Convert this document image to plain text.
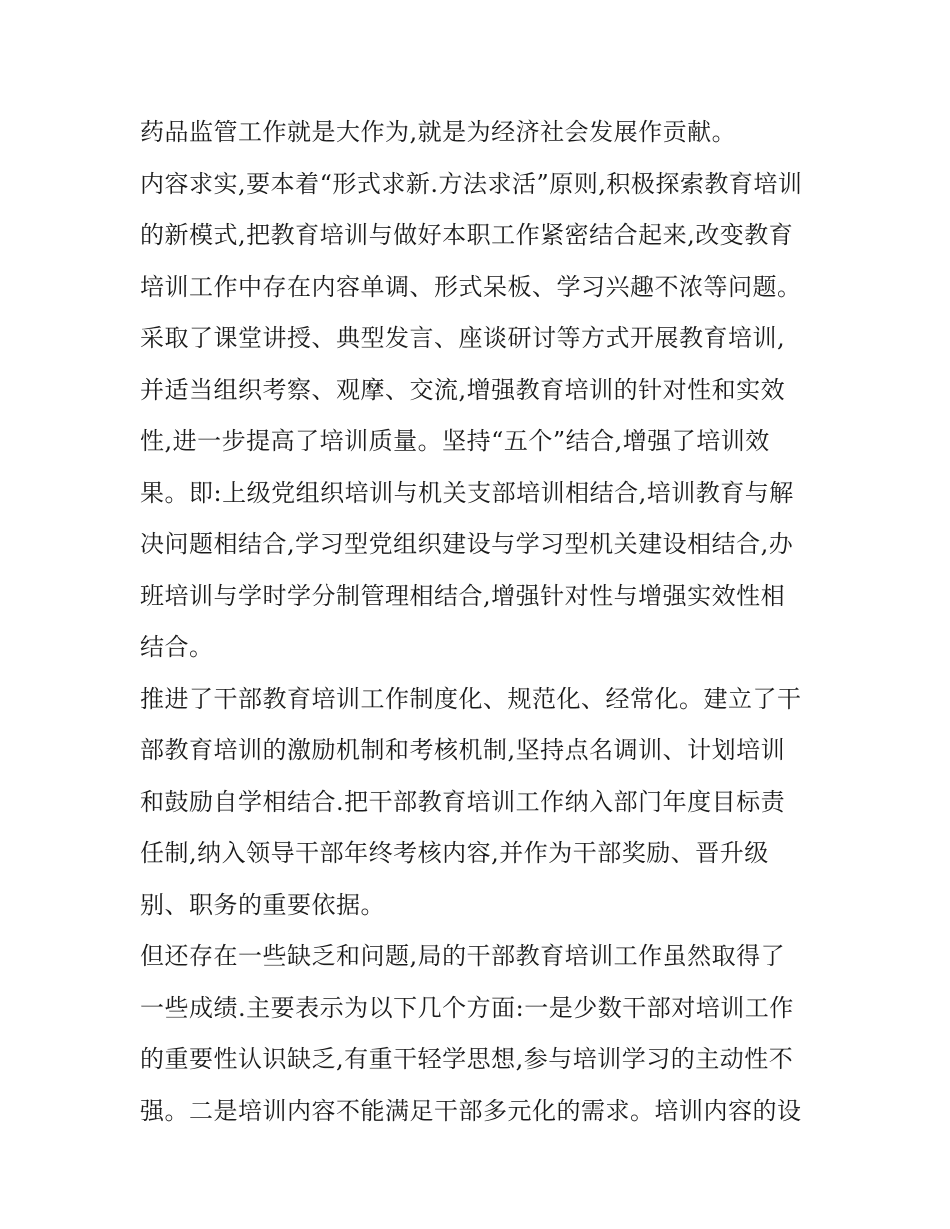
药品监管工作就是大作为,就是为经济社会发展作贡献。
内容求实,要本着“形式求新.方法求活”原则,积极探索教育培训
的新模式,把教育培训与做好本职工作紧密结合起来,改变教育
培训工作中存在内容单调、形式呆板、学习兴趣不浓等问题。
采取了课堂讲授、典型发言、座谈研讨等方式开展教育培训,
并适当组织考察、观摩、交流,增强教育培训的针对性和实效
性,进一步提高了培训质量。坚持“五个”结合,增强了培训效
果。即:上级党组织培训与机关支部培训相结合,培训教育与解
决问题相结合,学习型党组织建设与学习型机关建设相结合,办
班培训与学时学分制管理相结合,增强针对性与增强实效性相
结合。
推进了干部教育培训工作制度化、规范化、经常化。建立了干
部教育培训的激励机制和考核机制,坚持点名调训、计划培训
和鼓励自学相结合.把干部教育培训工作纳入部门年度目标责
任制,纳入领导干部年终考核内容,并作为干部奖励、晋升级
别、职务的重要依据。
但还存在一些缺乏和问题,局的干部教育培训工作虽然取得了
一些成绩.主要表示为以下几个方面:一是少数干部对培训工作
的重要性认识缺乏,有重干轻学思想,参与培训学习的主动性不
强。二是培训内容不能满足干部多元化的需求。培训内容的设
